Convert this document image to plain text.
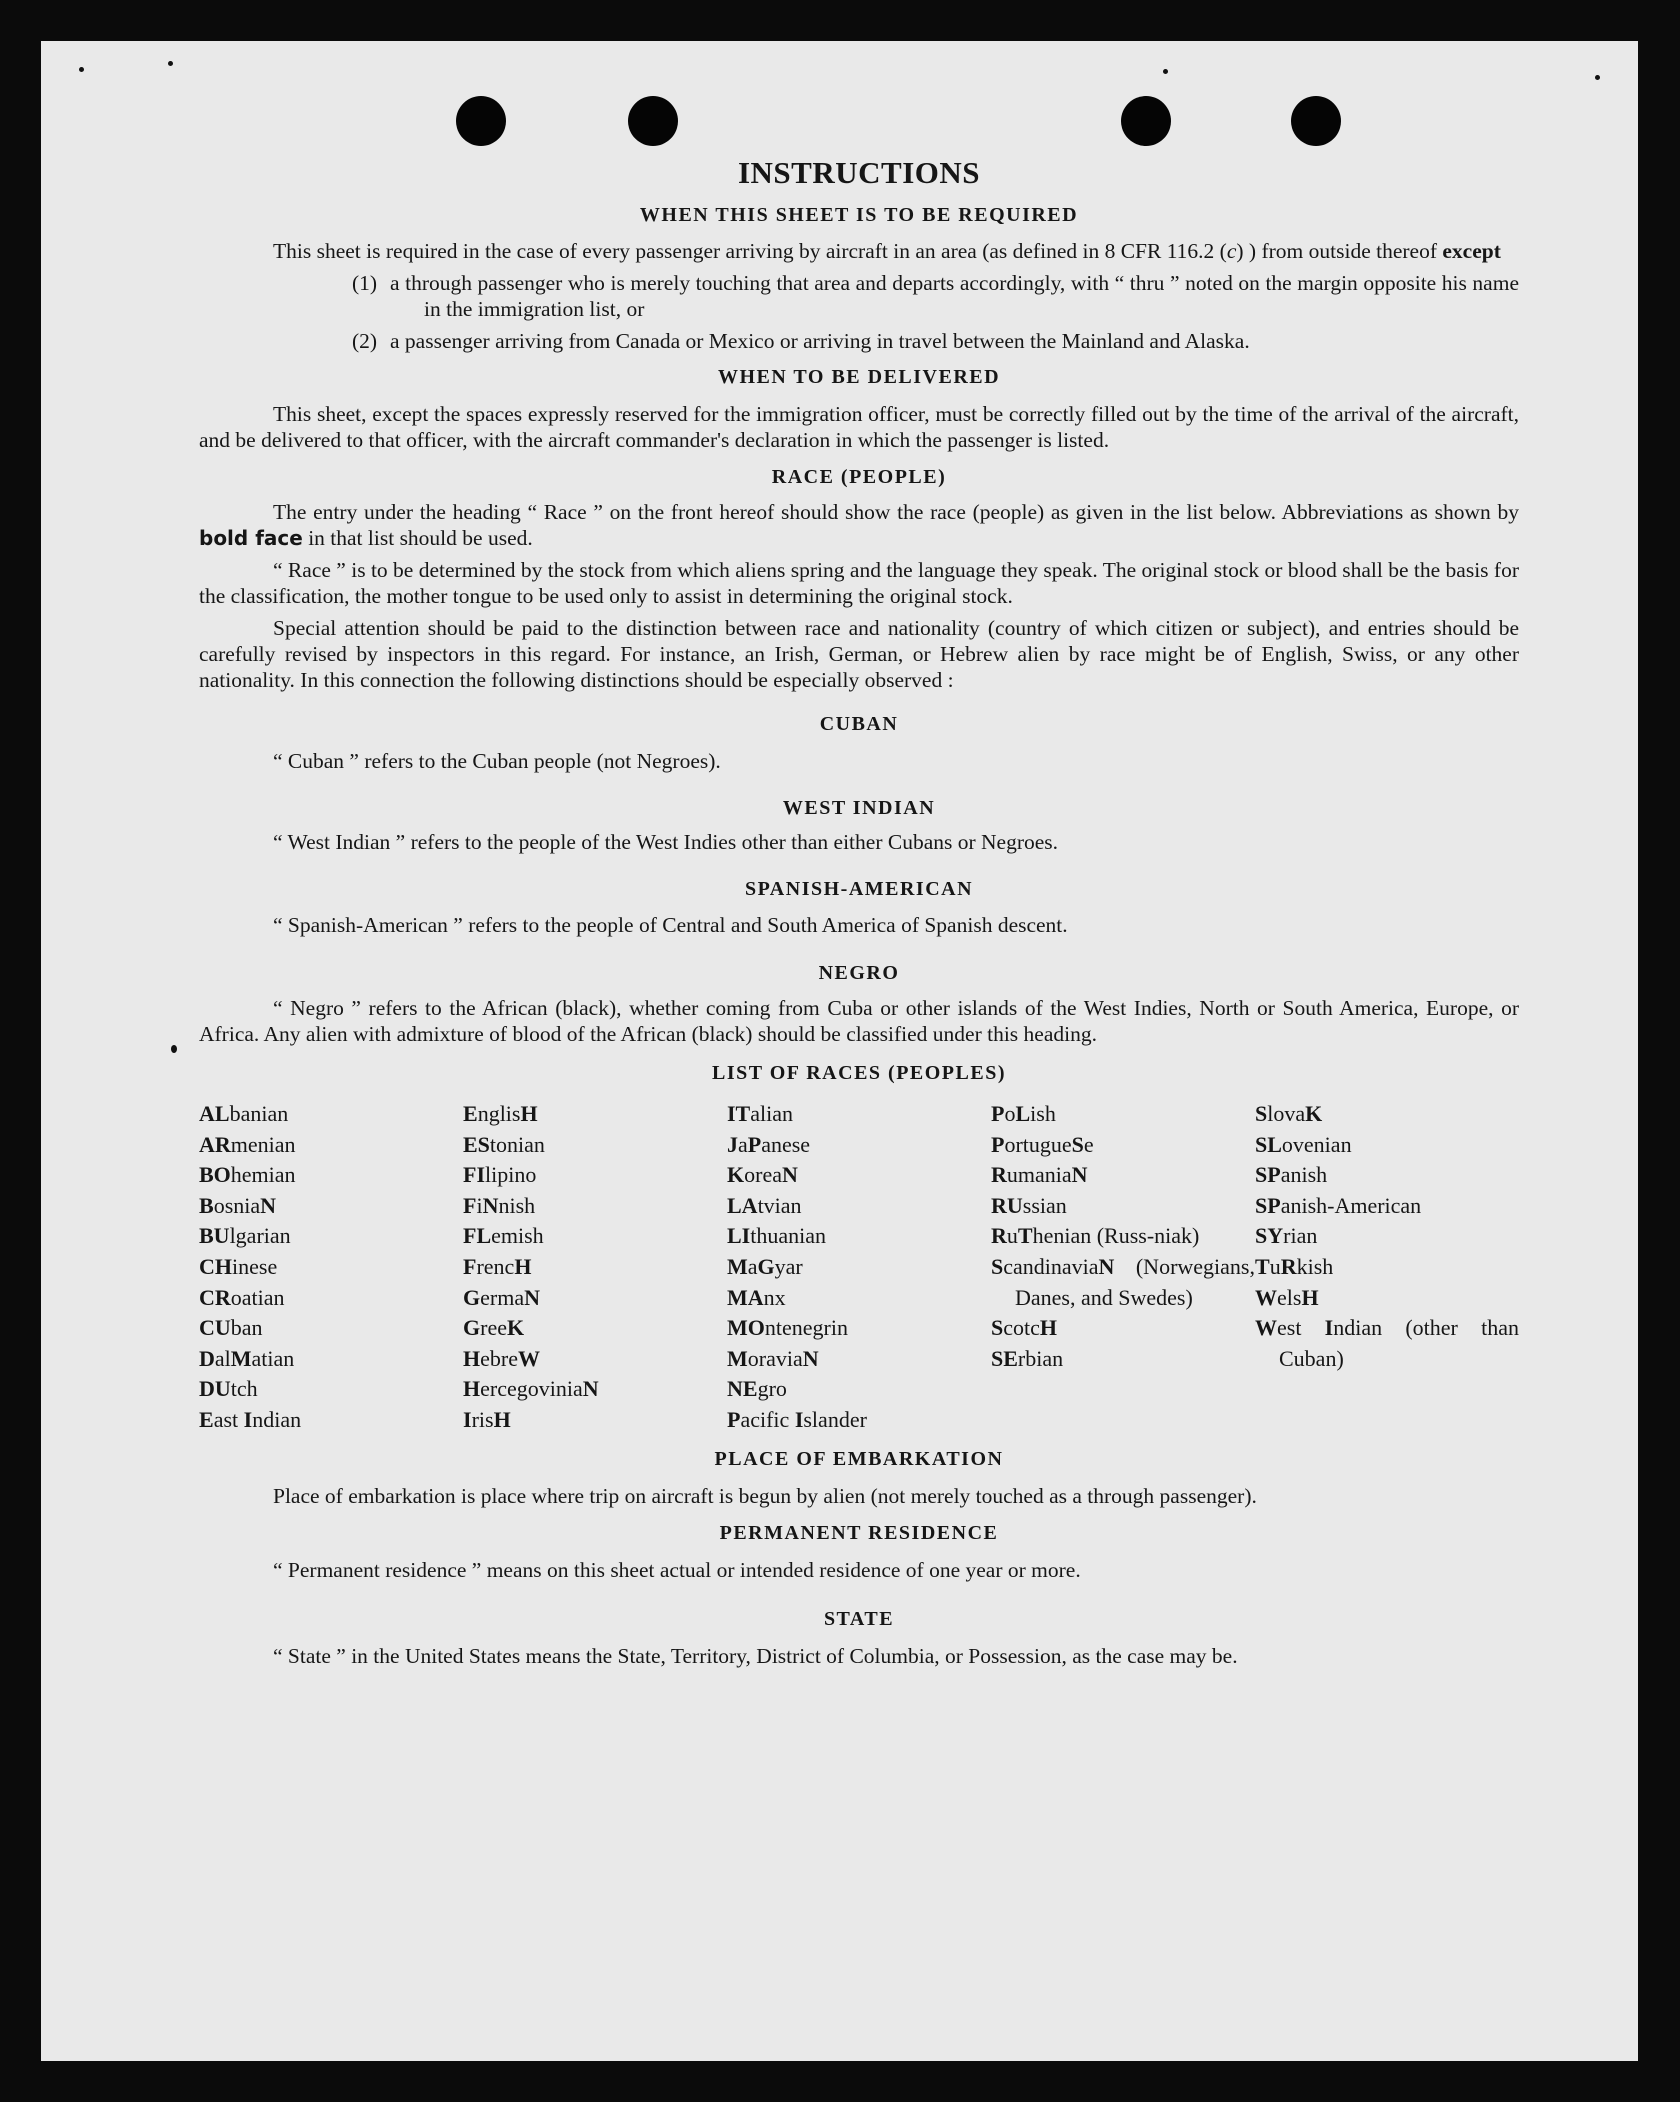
INSTRUCTIONS
WHEN THIS SHEET IS TO BE REQUIRED

This sheet is required in the case of every passenger arriving by aircraft in an area (as defined in 8 CFR 116.2 (c) ) from outside thereof except

(1) a through passenger who is merely touching that area and departs accordingly, with “ thru ” noted on the margin opposite his name in the immigration list, or

(2) a passenger arriving from Canada or Mexico or arriving in travel between the Mainland and Alaska.

WHEN TO BE DELIVERED

This sheet, except the spaces expressly reserved for the immigration officer, must be correctly filled out by the time of the arrival of the aircraft, and be delivered to that officer, with the aircraft commander's declaration in which the passenger is listed.

RACE (PEOPLE)

The entry under the heading “ Race ” on the front hereof should show the race (people) as given in the list below. Abbreviations as shown by bold face in that list should be used.

“ Race ” is to be determined by the stock from which aliens spring and the language they speak. The original stock or blood shall be the basis for the classification, the mother tongue to be used only to assist in determining the original stock.

Special attention should be paid to the distinction between race and nationality (country of which citizen or subject), and entries should be carefully revised by inspectors in this regard. For instance, an Irish, German, or Hebrew alien by race might be of English, Swiss, or any other nationality. In this connection the following distinctions should be especially observed :

CUBAN

“ Cuban ” refers to the Cuban people (not Negroes).

WEST INDIAN

“ West Indian ” refers to the people of the West Indies other than either Cubans or Negroes.

SPANISH-AMERICAN

“ Spanish-American ” refers to the people of Central and South America of Spanish descent.

NEGRO

“ Negro ” refers to the African (black), whether coming from Cuba or other islands of the West Indies, North or South America, Europe, or Africa. Any alien with admixture of blood of the African (black) should be classified under this heading.

LIST OF RACES (PEOPLES)
ALbanian
ARmenian
BOhemian
BosniaN
BUlgarian
CHinese
CRoatian
CUban
DalMatian
DUtch
East Indian
EnglisH
EStonian
FIlipino
FiNnish
FLemish
FrencH
GermaN
GreeK
HebreW
HercegoviniaN
IrisH
ITalian
JaPanese
KoreaN
LAtvian
LIthuanian
MaGyar
MAnx
MOntenegrin
MoraviaN
NEgro
Pacific Islander
PoLish
PortugueSe
RumaniaN
RUssian
RuThenian (Russ-niak)
ScandinaviaN (Norwegians, Danes, and Swedes)
ScotcH
SErbian
SlovaK
SLovenian
SPanish
SPanish-American
SYrian
TuRkish
WelsH
West Indian (other than Cuban)
PLACE OF EMBARKATION

Place of embarkation is place where trip on aircraft is begun by alien (not merely touched as a through passenger).

PERMANENT RESIDENCE

“ Permanent residence ” means on this sheet actual or intended residence of one year or more.

STATE

“ State ” in the United States means the State, Territory, District of Columbia, or Possession, as the case may be.
